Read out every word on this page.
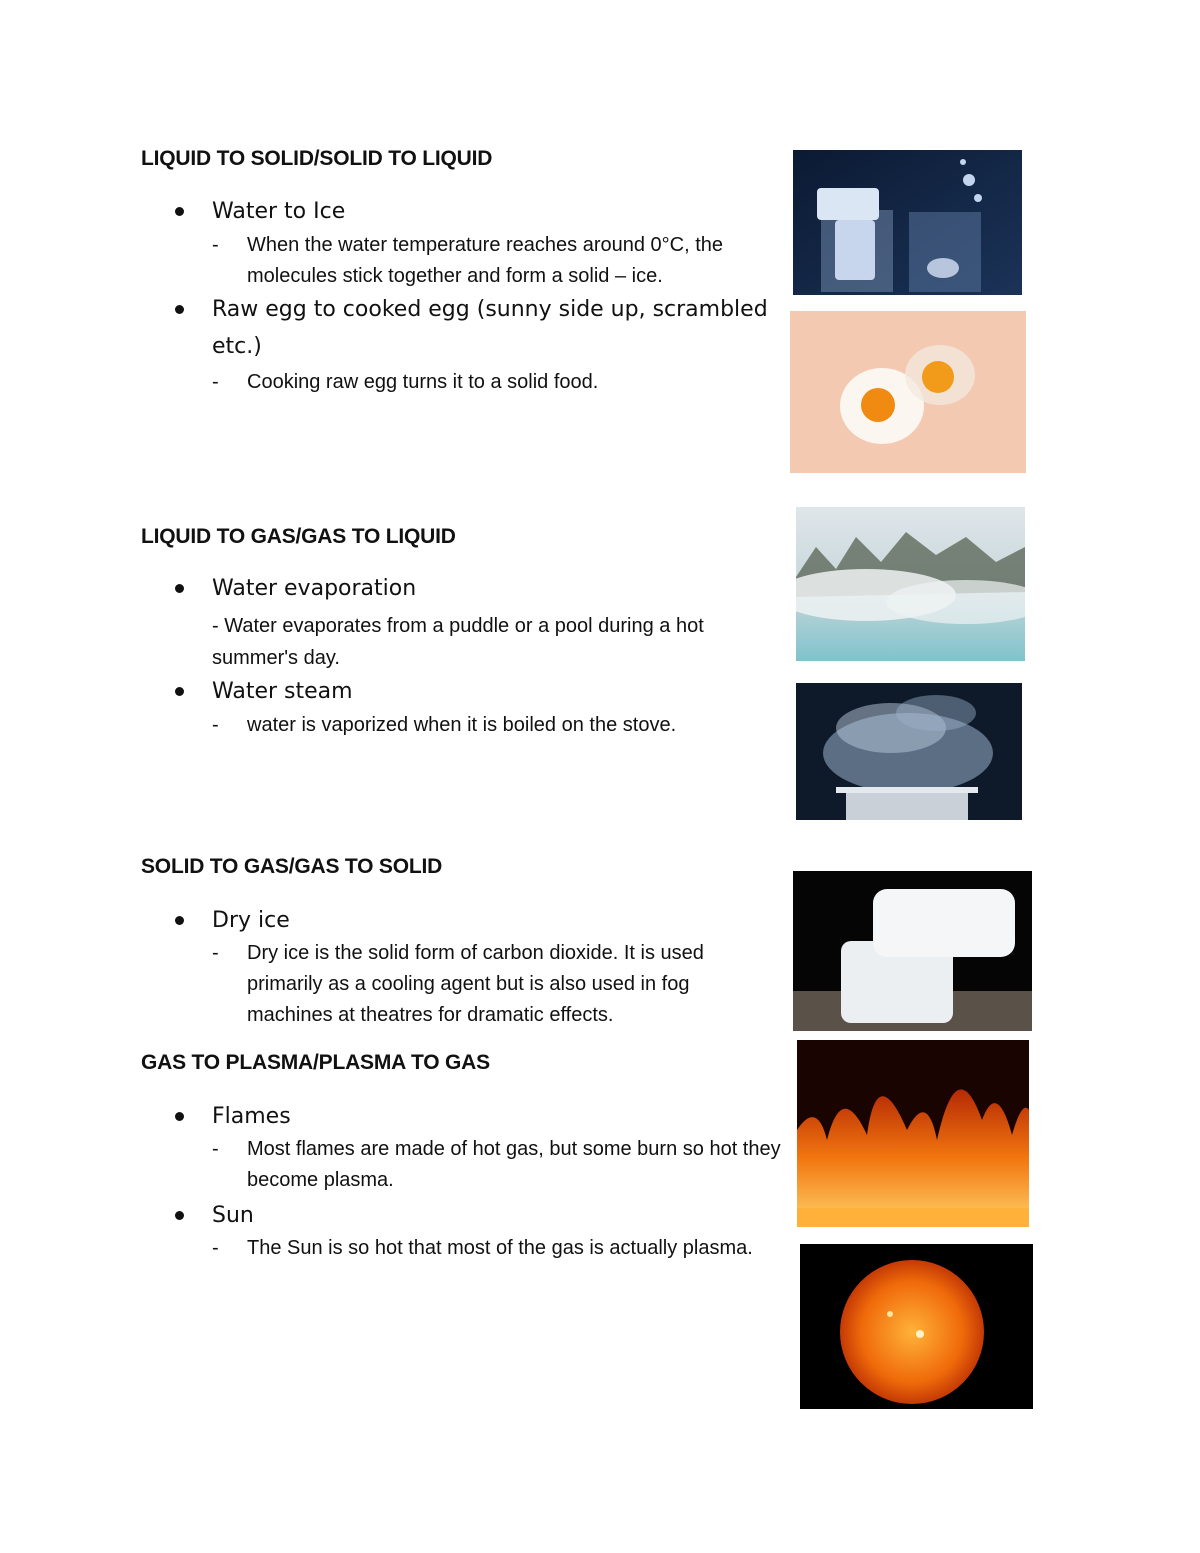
LIQUID TO SOLID/SOLID TO LIQUID
Water to Ice
- When the water temperature reaches around 0°C, the molecules stick together and form a solid – ice.
Raw egg to cooked egg (sunny side up, scrambled etc.)
- Cooking raw egg turns it to a solid food.
LIQUID TO GAS/GAS TO LIQUID
Water evaporation
- Water evaporates from a puddle or a pool during a hot summer's day.
Water steam
- water is vaporized when it is boiled on the stove.
SOLID TO GAS/GAS TO SOLID
Dry ice
- Dry ice is the solid form of carbon dioxide. It is used primarily as a cooling agent but is also used in fog machines at theatres for dramatic effects.
GAS TO PLASMA/PLASMA TO GAS
Flames
- Most flames are made of hot gas, but some burn so hot they become plasma.
Sun
- The Sun is so hot that most of the gas is actually plasma.
